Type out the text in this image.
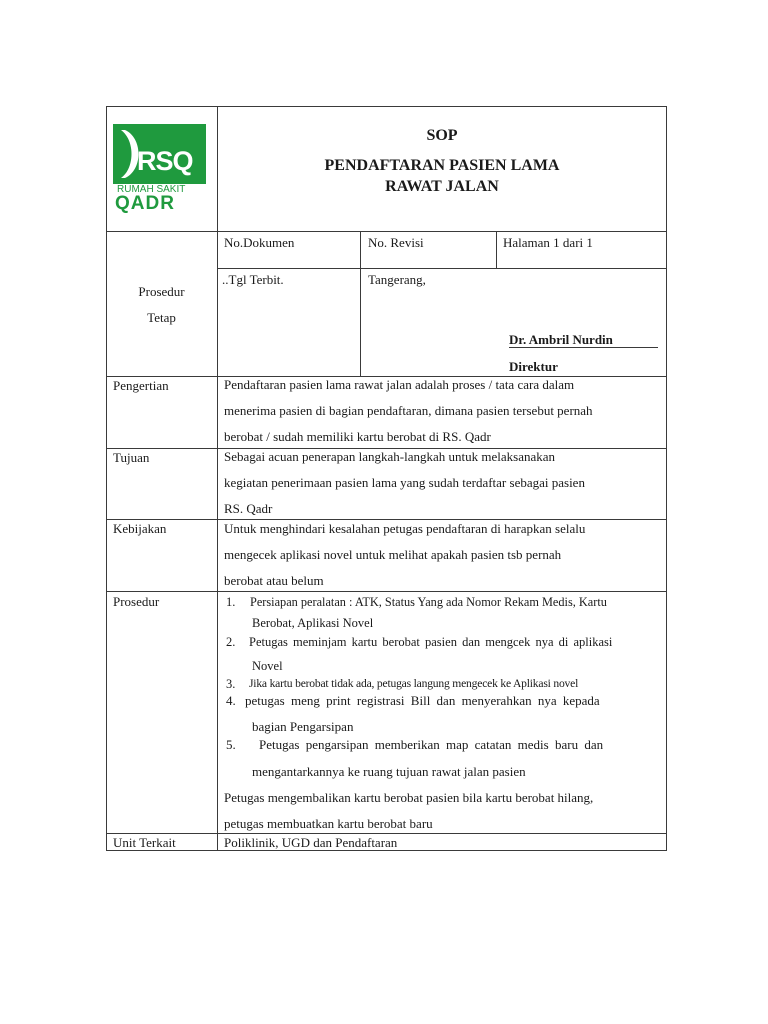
RSQ
RUMAH SAKIT
QADR
SOP
PENDAFTARAN PASIEN LAMA
RAWAT JALAN
Prosedur
Tetap
No.Dokumen	No. Revisi	Halaman 1 dari 1
..Tgl Terbit.	Tangerang,
Dr. Ambril Nurdin
Direktur
Pengertian	Pendaftaran pasien lama rawat jalan adalah proses / tata cara dalam
menerima pasien di bagian pendaftaran, dimana pasien tersebut pernah
berobat / sudah memiliki kartu berobat di RS. Qadr
Tujuan	Sebagai acuan penerapan langkah-langkah untuk melaksanakan
kegiatan penerimaan pasien lama yang sudah terdaftar sebagai pasien
RS. Qadr
Kebijakan	Untuk menghindari kesalahan petugas pendaftaran di harapkan selalu
mengecek aplikasi novel untuk melihat apakah pasien tsb pernah
berobat atau belum
Prosedur	1. Persiapan peralatan : ATK, Status Yang ada Nomor Rekam Medis, Kartu
Berobat, Aplikasi Novel
2. Petugas meminjam kartu berobat pasien dan mengcek nya di aplikasi
Novel
3. Jika kartu berobat tidak ada, petugas langung mengecek ke Aplikasi novel
4. petugas meng print registrasi Bill dan menyerahkan nya kepada
bagian Pengarsipan
5. Petugas pengarsipan memberikan map catatan medis baru dan
mengantarkannya ke ruang tujuan rawat jalan pasien
Petugas mengembalikan kartu berobat pasien bila kartu berobat hilang,
petugas membuatkan kartu berobat baru
Unit Terkait	Poliklinik, UGD dan Pendaftaran
